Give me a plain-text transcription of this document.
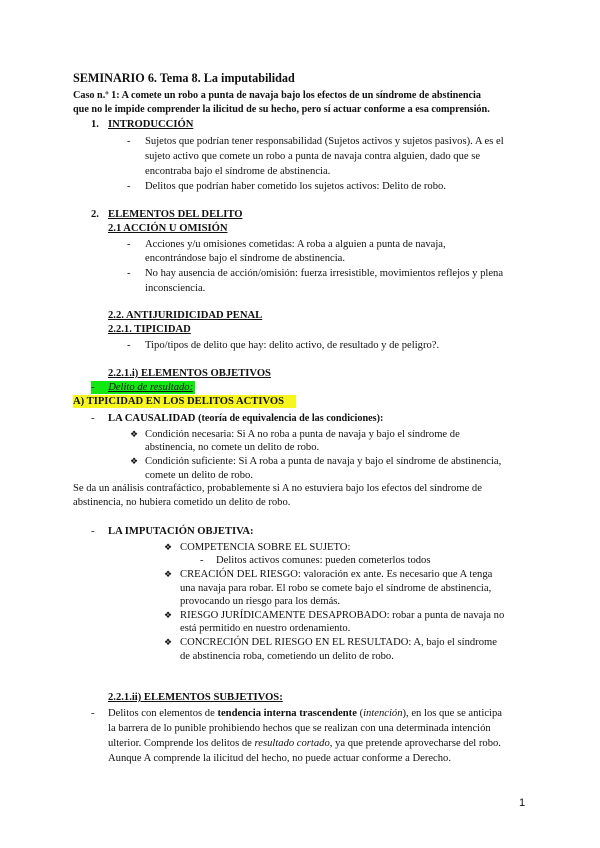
SEMINARIO 6. Tema 8. La imputabilidad
Caso n.º 1: A comete un robo a punta de navaja bajo los efectos de un síndrome de abstinencia
que no le impide comprender la ilicitud de su hecho, pero sí actuar conforme a esa comprensión.
1. INTRODUCCIÓN
- Sujetos que podrían tener responsabilidad (Sujetos activos y sujetos pasivos). A es el
sujeto activo que comete un robo a punta de navaja contra alguien, dado que se
encontraba bajo el síndrome de abstinencia.
- Delitos que podrían haber cometido los sujetos activos: Delito de robo.
2. ELEMENTOS DEL DELITO
2.1 ACCIÓN U OMISIÓN
- Acciones y/u omisiones cometidas: A roba a alguien a punta de navaja,
encontrándose bajo el síndrome de abstinencia.
- No hay ausencia de acción/omisión: fuerza irresistible, movimientos reflejos y plena
inconsciencia.
2.2. ANTIJURIDICIDAD PENAL
2.2.1. TIPICIDAD
- Tipo/tipos de delito que hay: delito activo, de resultado y de peligro?.
2.2.1.i) ELEMENTOS OBJETIVOS
- Delito de resultado:
A) TIPICIDAD EN LOS DELITOS ACTIVOS
- LA CAUSALIDAD (teoría de equivalencia de las condiciones):
❖ Condición necesaria: Si A no roba a punta de navaja y bajo el síndrome de
abstinencia, no comete un delito de robo.
❖ Condición suficiente: Si A roba a punta de navaja y bajo el síndrome de abstinencia,
comete un delito de robo.
Se da un análisis contrafáctico, probablemente si A no estuviera bajo los efectos del síndrome de
abstinencia, no hubiera cometido un delito de robo.
- LA IMPUTACIÓN OBJETIVA:
❖ COMPETENCIA SOBRE EL SUJETO:
- Delitos activos comunes: pueden cometerlos todos
❖ CREACIÓN DEL RIESGO: valoración ex ante. Es necesario que A tenga
una navaja para robar. El robo se comete bajo el síndrome de abstinencia,
provocando un riesgo para los demás.
❖ RIESGO JURÍDICAMENTE DESAPROBADO: robar a punta de navaja no
está permitido en nuestro ordenamiento.
❖ CONCRECIÓN DEL RIESGO EN EL RESULTADO: A, bajo el síndrome
de abstinencia roba, cometiendo un delito de robo.
2.2.1.ii) ELEMENTOS SUBJETIVOS:
- Delitos con elementos de tendencia interna trascendente (intención), en los que se anticipa
la barrera de lo punible prohibiendo hechos que se realizan con una determinada intención
ulterior. Comprende los delitos de resultado cortado, ya que pretende aprovecharse del robo.
Aunque A comprende la ilicitud del hecho, no puede actuar conforme a Derecho.
1
